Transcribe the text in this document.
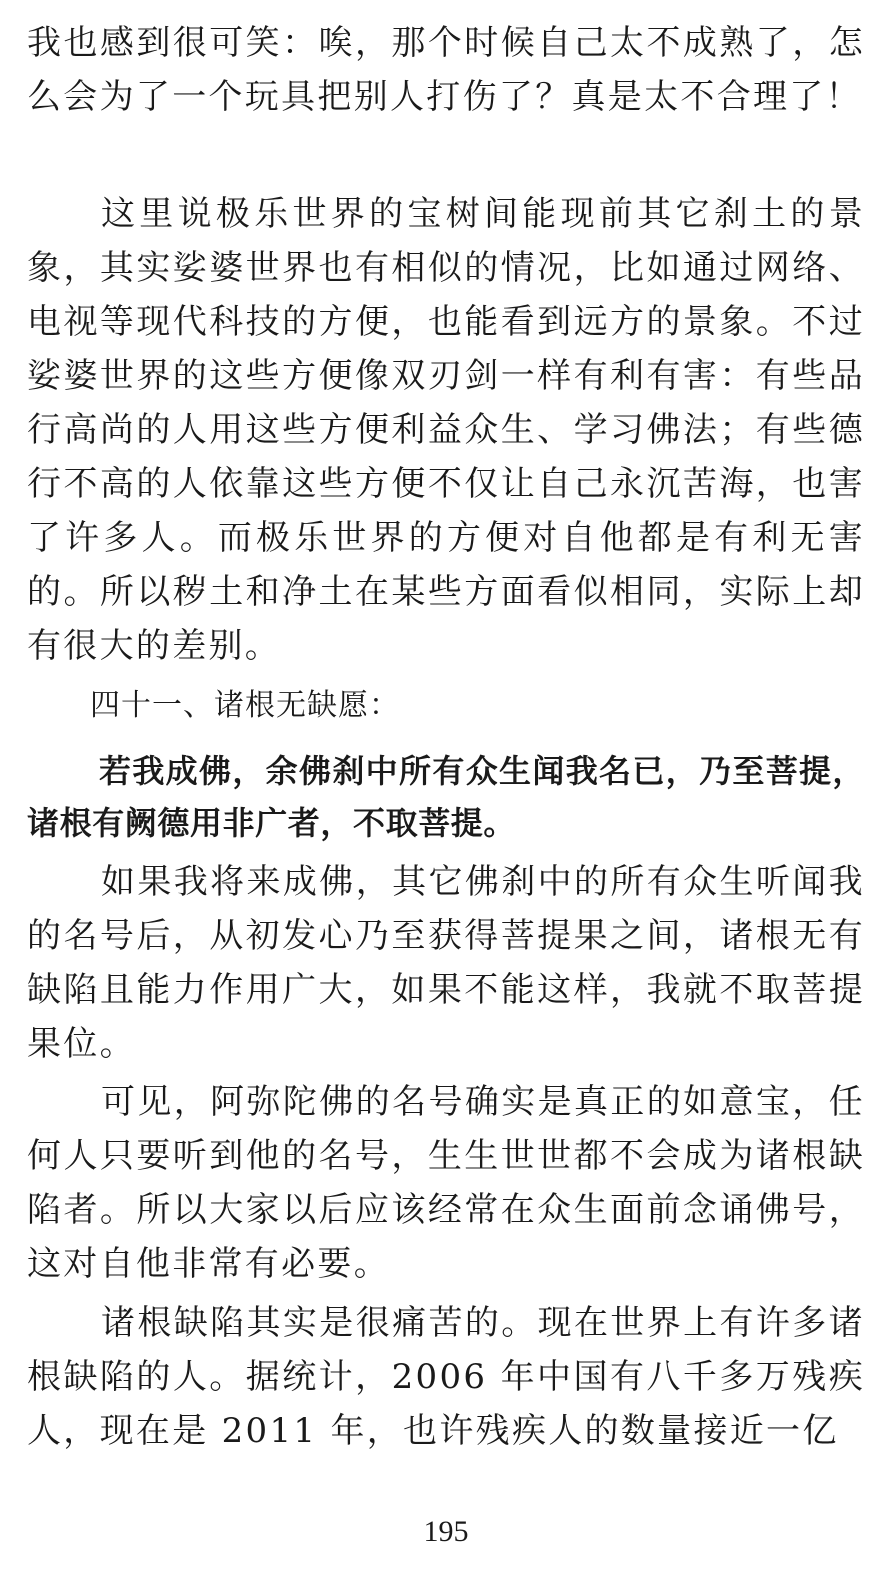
我也感到很可笑：唉，那个时候自己太不成熟了，怎么会为了一个玩具把别人打伤了？真是太不合理了！

这里说极乐世界的宝树间能现前其它刹土的景象，其实娑婆世界也有相似的情况，比如通过网络、电视等现代科技的方便，也能看到远方的景象。不过娑婆世界的这些方便像双刃剑一样有利有害：有些品行高尚的人用这些方便利益众生、学习佛法；有些德行不高的人依靠这些方便不仅让自己永沉苦海，也害了许多人。而极乐世界的方便对自他都是有利无害的。所以秽土和净土在某些方面看似相同，实际上却有很大的差别。

四十一、诸根无缺愿：

若我成佛，余佛刹中所有众生闻我名已，乃至菩提，诸根有阙德用非广者，不取菩提。

如果我将来成佛，其它佛刹中的所有众生听闻我的名号后，从初发心乃至获得菩提果之间，诸根无有缺陷且能力作用广大，如果不能这样，我就不取菩提果位。

可见，阿弥陀佛的名号确实是真正的如意宝，任何人只要听到他的名号，生生世世都不会成为诸根缺陷者。所以大家以后应该经常在众生面前念诵佛号，这对自他非常有必要。

诸根缺陷其实是很痛苦的。现在世界上有许多诸根缺陷的人。据统计，2006 年中国有八千多万残疾人，现在是 2011 年，也许残疾人的数量接近一亿

195
